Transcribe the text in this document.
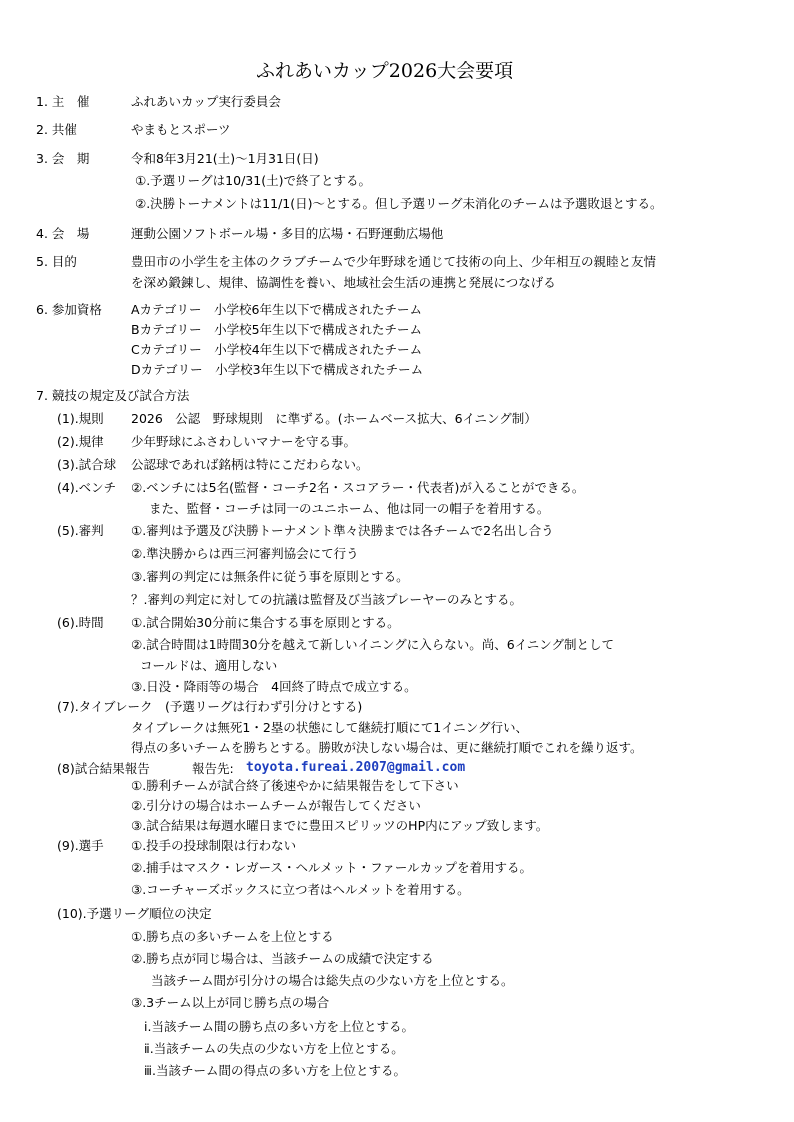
ふれあいカップ2026大会要項
1. 主　催	ふれあいカップ実行委員会
2. 共催	やまもとスポーツ
3. 会　期	令和8年3月21(土)～1月31日(日)
①.予選リーグは10/31(土)で終了とする。
②.決勝トーナメントは11/1(日)～とする。但し予選リーグ未消化のチームは予選敗退とする。
4. 会　場	運動公園ソフトボール場・多目的広場・石野運動広場他
5. 目的	豊田市の小学生を主体のクラブチームで少年野球を通じて技術の向上、少年相互の親睦と友情
を深め鍛錬し、規律、協調性を養い、地域社会生活の連携と発展につなげる
6. 参加資格 Aカテゴリー　小学校6年生以下で構成されたチーム
Bカテゴリー　小学校5年生以下で構成されたチーム
Cカテゴリー　小学校4年生以下で構成されたチーム
Dカテゴリー　小学校3年生以下で構成されたチーム
7. 競技の規定及び試合方法
(1).規則 2026　公認　野球規則　に準ずる。(ホームベース拡大、6イニング制）
(2).規律 少年野球にふさわしいマナーを守る事。
(3).試合球 公認球であれば銘柄は特にこだわらない。
(4).ベンチ ②.ベンチには5名(監督・コーチ2名・スコアラー・代表者)が入ることができる。
また、監督・コーチは同一のユニホーム、他は同一の帽子を着用する。
(5).審判 ①.審判は予選及び決勝トーナメント準々決勝までは各チームで2名出し合う
②.準決勝からは西三河審判協会にて行う
③.審判の判定には無条件に従う事を原則とする。
？.審判の判定に対しての抗議は監督及び当該プレーヤーのみとする。
(6).時間 ①.試合開始30分前に集合する事を原則とする。
②.試合時間は1時間30分を越えて新しいイニングに入らない。尚、6イニング制として
コールドは、適用しない
③.日没・降雨等の場合　4回終了時点で成立する。
(7).タイブレーク　(予選リーグは行わず引分けとする)
タイブレークは無死1・2塁の状態にして継続打順にて1イニング行い、
得点の多いチームを勝ちとする。勝敗が決しない場合は、更に継続打順でこれを繰り返す。
(8)試合結果報告	報告先: toyota.fureai.2007@gmail.com
①.勝利チームが試合終了後速やかに結果報告をして下さい
②.引分けの場合はホームチームが報告してください
③.試合結果は毎週水曜日までに豊田スピリッツのHP内にアップ致します。
(9).選手 ①.投手の投球制限は行わない
②.捕手はマスク・レガース・ヘルメット・ファールカップを着用する。
③.コーチャーズボックスに立つ者はヘルメットを着用する。
(10).予選リーグ順位の決定
①.勝ち点の多いチームを上位とする
②.勝ち点が同じ場合は、当該チームの成績で決定する
当該チーム間が引分けの場合は総失点の少ない方を上位とする。
③.3チーム以上が同じ勝ち点の場合
ⅰ.当該チーム間の勝ち点の多い方を上位とする。
ⅱ.当該チームの失点の少ない方を上位とする。
ⅲ.当該チーム間の得点の多い方を上位とする。
